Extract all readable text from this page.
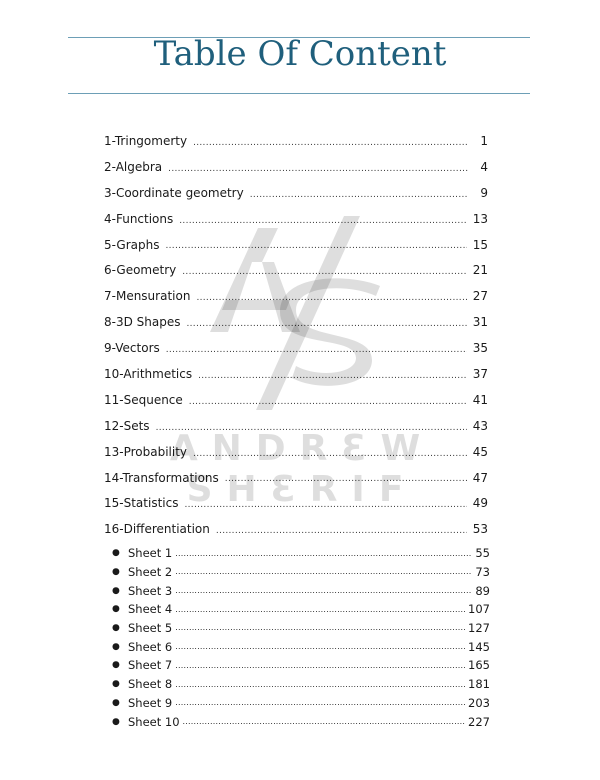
Table Of Content
1-Tringomerty .....	1
2-Algebra .....	4
3-Coordinate geometry .....	9
4-Functions .....	13
5-Graphs .....	15
6-Geometry .....	21
7-Mensuration .....	27
8-3D Shapes .....	31
9-Vectors .....	35
10-Arithmetics .....	37
11-Sequence .....	41
12-Sets .....	43
13-Probability .....	45
14-Transformations .....	47
15-Statistics .....	49
16-Differentiation .....	53
● Sheet 1 .....	55
● Sheet 2 .....	73
● Sheet 3 .....	89
● Sheet 4 .....	107
● Sheet 5 .....	127
● Sheet 6 .....	145
● Sheet 7 .....	165
● Sheet 8 .....	181
● Sheet 9 .....	203
● Sheet 10 .....	227
ANDRƐW SHƐRIF
